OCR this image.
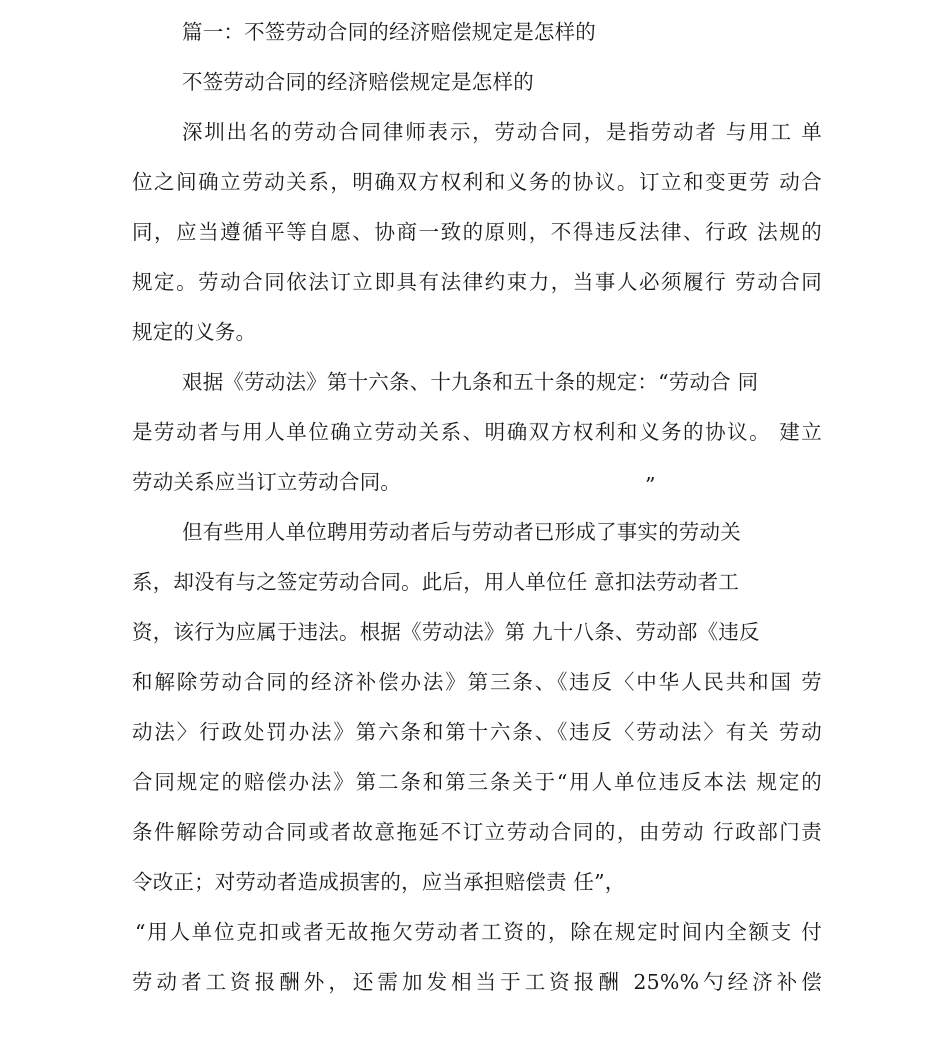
篇一：不签劳动合同的经济赔偿规定是怎样的
不签劳动合同的经济赔偿规定是怎样的
深圳出名的劳动合同律师表示，劳动合同，是指劳动者 与用工 单
位之间确立劳动关系，明确双方权利和义务的协议。订立和变更劳 动合
同，应当遵循平等自愿、协商一致的原则，不得违反法律、行政 法规的
规定。劳动合同依法订立即具有法律约束力，当事人必须履行 劳动合同
规定的义务。
艰据《劳动法》第十六条、十九条和五十条的规定：“劳动合 同
是劳动者与用人单位确立劳动关系、明确双方权利和义务的协议。 建立
劳动关系应当订立劳动合同。	”
但有些用人单位聘用劳动者后与劳动者已形成了事实的劳动关
系，却没有与之签定劳动合同。此后，用人单位任 意扣法劳动者工
资，该行为应属于违法。根据《劳动法》第 九十八条、劳动部《违反
和解除劳动合同的经济补偿办法》第三条、《违反〈中华人民共和国 劳
动法〉行政处罚办法》第六条和第十六条、《违反〈劳动法〉有关 劳动
合同规定的赔偿办法》第二条和第三条关于“用人单位违反本法 规定的
条件解除劳动合同或者故意拖延不订立劳动合同的，由劳动 行政部门责
令改正；对劳动者造成损害的，应当承担赔偿责 任”，
“用人单位克扣或者无故拖欠劳动者工资的，除在规定时间内全额支 付
劳动者工资报酬外，还需加发相当于工资报酬 25%%勺经济补偿
